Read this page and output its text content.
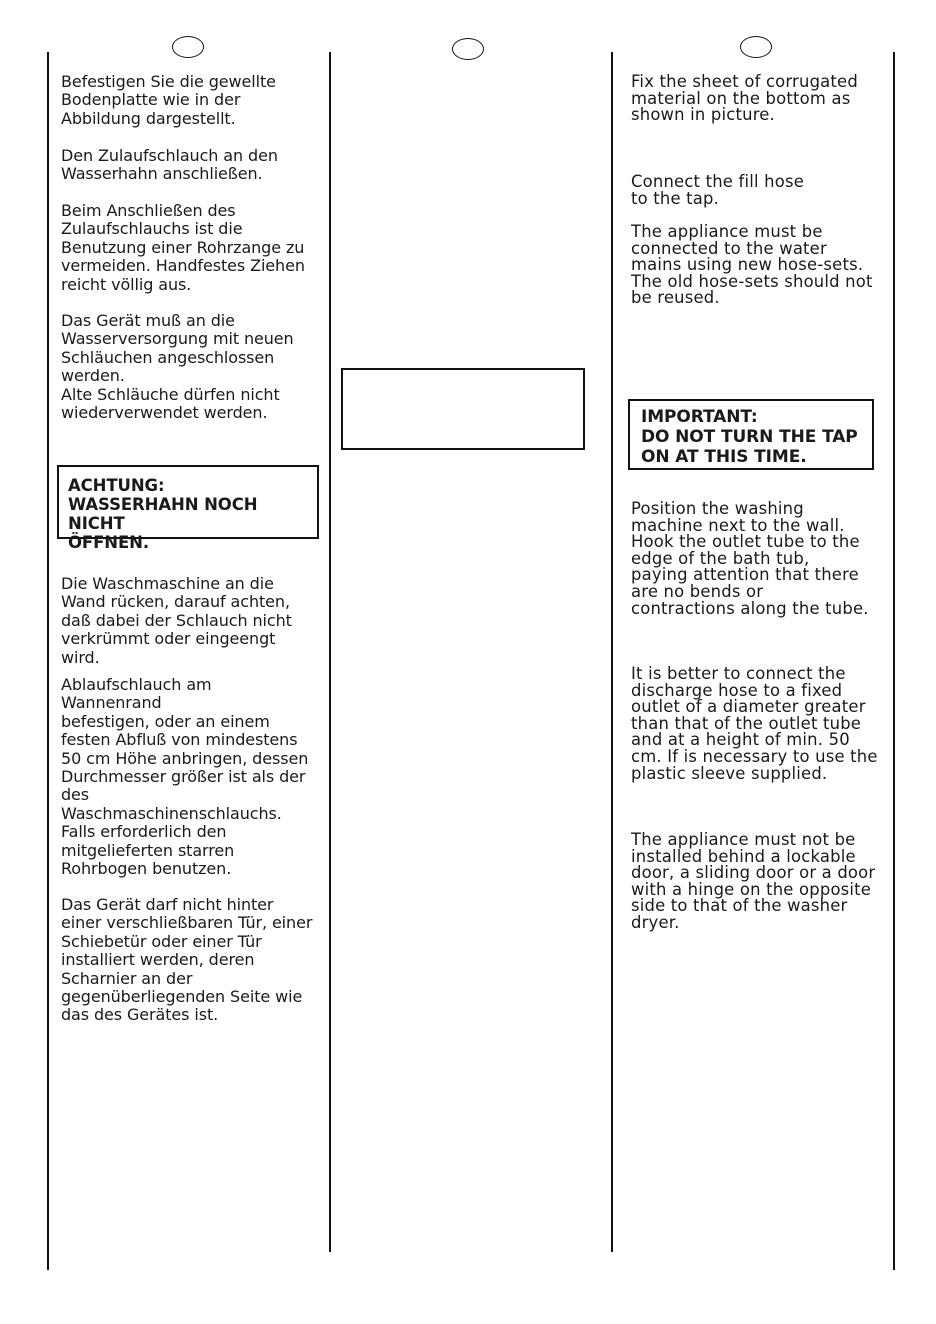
Befestigen Sie die gewellte
Bodenplatte wie in der
Abbildung dargestellt.

Den Zulaufschlauch an den
Wasserhahn anschließen.

Beim Anschließen des
Zulaufschlauchs ist die
Benutzung einer Rohrzange zu
vermeiden. Handfestes Ziehen
reicht völlig aus.

Das Gerät muß an die
Wasserversorgung mit neuen
Schläuchen angeschlossen
werden.
Alte Schläuche dürfen nicht
wiederverwendet werden.

ACHTUNG:
WASSERHAHN NOCH NICHT
ÖFFNEN.

Die Waschmaschine an die
Wand rücken, darauf achten,
daß dabei der Schlauch nicht
verkrümmt oder eingeengt
wird.

Ablaufschlauch am
Wannenrand
befestigen, oder an einem
festen Abfluß von mindestens
50 cm Höhe anbringen, dessen
Durchmesser größer ist als der
des
Waschmaschinenschlauchs.
Falls erforderlich den
mitgelieferten starren
Rohrbogen benutzen.

Das Gerät darf nicht hinter
einer verschließbaren Tür, einer
Schiebetür oder einer Tür
installiert werden, deren
Scharnier an der
gegenüberliegenden Seite wie
das des Gerätes ist.

Fix the sheet of corrugated
material on the bottom as
shown in picture.

Connect the fill hose
to the tap.

The appliance must be
connected to the water
mains using new hose-sets.
The old hose-sets should not
be reused.

IMPORTANT:
DO NOT TURN THE TAP
ON AT THIS TIME.

Position the washing
machine next to the wall.
Hook the outlet tube to the
edge of the bath tub,
paying attention that there
are no bends or
contractions along the tube.

It is better to connect the
discharge hose to a fixed
outlet of a diameter greater
than that of the outlet tube
and at a height of min. 50
cm. If is necessary to use the
plastic sleeve supplied.

The appliance must not be
installed behind a lockable
door, a sliding door or a door
with a hinge on the opposite
side to that of the washer
dryer.
